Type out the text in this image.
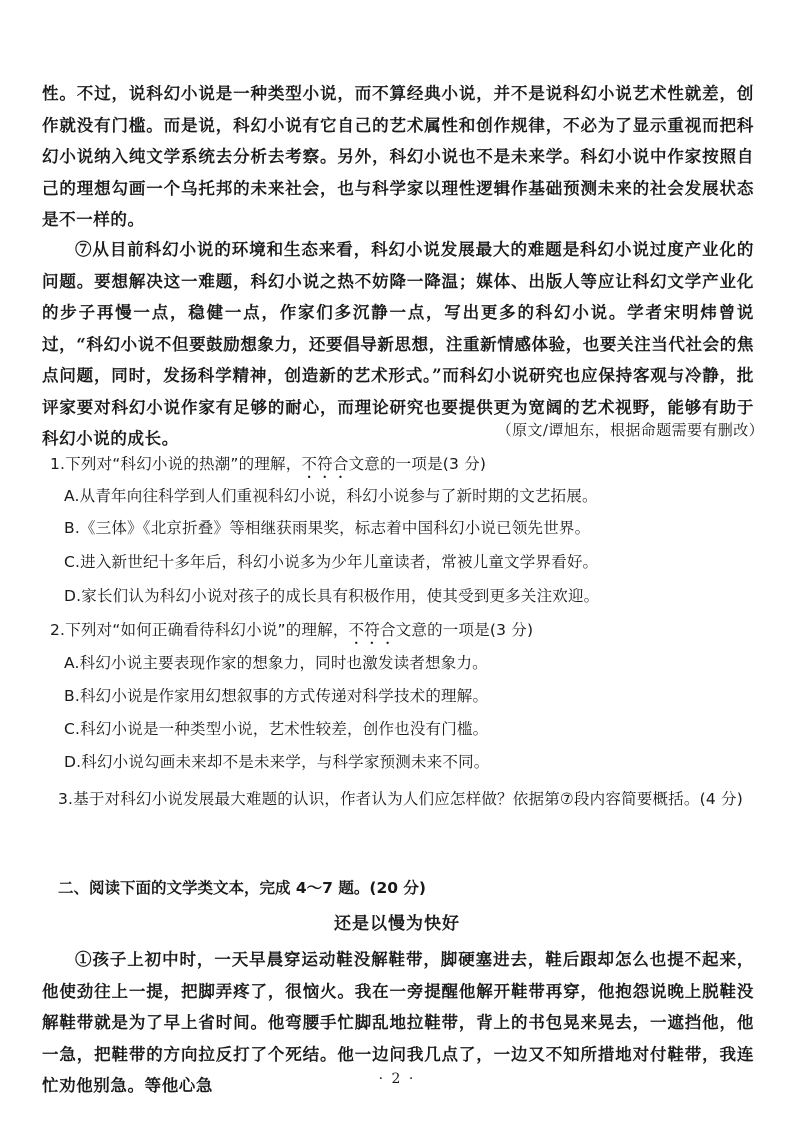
性。不过，说科幻小说是一种类型小说，而不算经典小说，并不是说科幻小说艺术性就差，创作就没有门槛。而是说，科幻小说有它自己的艺术属性和创作规律，不必为了显示重视而把科幻小说纳入纯文学系统去分析去考察。另外，科幻小说也不是未来学。科幻小说中作家按照自己的理想勾画一个乌托邦的未来社会，也与科学家以理性逻辑作基础预测未来的社会发展状态是不一样的。

⑦从目前科幻小说的环境和生态来看，科幻小说发展最大的难题是科幻小说过度产业化的问题。要想解决这一难题，科幻小说之热不妨降一降温；媒体、出版人等应让科幻文学产业化的步子再慢一点，稳健一点，作家们多沉静一点，写出更多的科幻小说。学者宋明炜曾说过，“科幻小说不但要鼓励想象力，还要倡导新思想，注重新情感体验，也要关注当代社会的焦点问题，同时，发扬科学精神，创造新的艺术形式。”而科幻小说研究也应保持客观与冷静，批评家要对科幻小说作家有足够的耐心，而理论研究也要提供更为宽阔的艺术视野，能够有助于科幻小说的成长。	（原文/谭旭东，根据命题需要有删改）

1.下列对“科幻小说的热潮”的理解，不符合文意的一项是(3 分)

A.从青年向往科学到人们重视科幻小说，科幻小说参与了新时期的文艺拓展。

B.《三体》《北京折叠》等相继获雨果奖，标志着中国科幻小说已领先世界。

C.进入新世纪十多年后，科幻小说多为少年儿童读者，常被儿童文学界看好。

D.家长们认为科幻小说对孩子的成长具有积极作用，使其受到更多关注欢迎。

2.下列对“如何正确看待科幻小说”的理解，不符合文意的一项是(3 分)

A.科幻小说主要表现作家的想象力，同时也激发读者想象力。

B.科幻小说是作家用幻想叙事的方式传递对科学技术的理解。

C.科幻小说是一种类型小说，艺术性较差，创作也没有门槛。

D.科幻小说勾画未来却不是未来学，与科学家预测未来不同。

3.基于对科幻小说发展最大难题的认识，作者认为人们应怎样做？依据第⑦段内容简要概括。(4 分)

二、阅读下面的文学类文本，完成 4～7 题。(20 分)

还是以慢为快好

①孩子上初中时，一天早晨穿运动鞋没解鞋带，脚硬塞进去，鞋后跟却怎么也提不起来，他使劲往上一提，把脚弄疼了，很恼火。我在一旁提醒他解开鞋带再穿，他抱怨说晚上脱鞋没解鞋带就是为了早上省时间。他弯腰手忙脚乱地拉鞋带，背上的书包晃来晃去，一遮挡他，他一急，把鞋带的方向拉反打了个死结。他一边问我几点了，一边又不知所措地对付鞋带，我连忙劝他别急。等他心急	· 2 ·
